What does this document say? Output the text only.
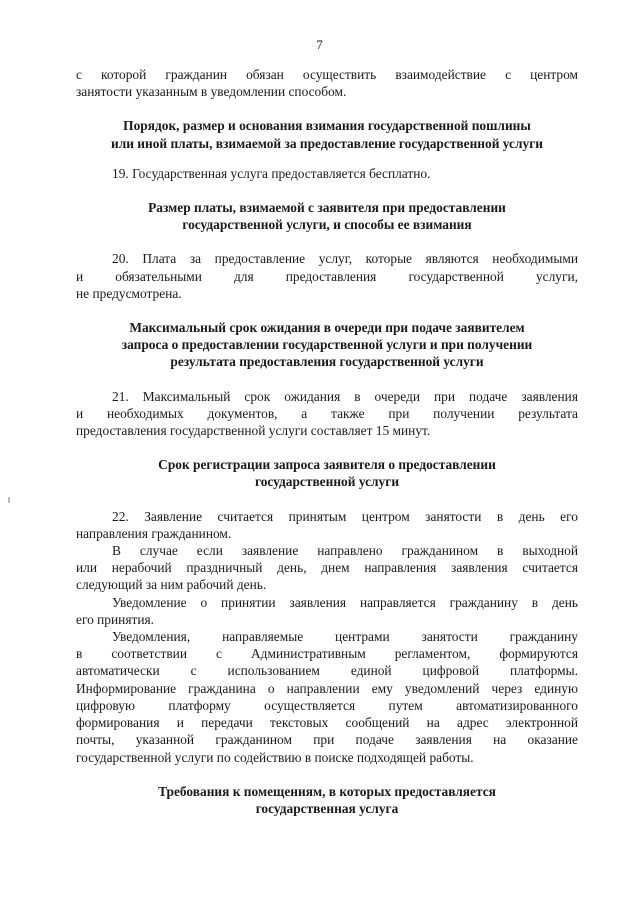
7

с которой гражданин обязан осуществить взаимодействие с центром
занятости указанным в уведомлении способом.

Порядок, размер и основания взимания государственной пошлины
или иной платы, взимаемой за предоставление государственной услуги

19. Государственная услуга предоставляется бесплатно.

Размер платы, взимаемой с заявителя при предоставлении
государственной услуги, и способы ее взимания

20. Плата за предоставление услуг, которые являются необходимыми
и обязательными для предоставления государственной услуги,
не предусмотрена.

Максимальный срок ожидания в очереди при подаче заявителем
запроса о предоставлении государственной услуги и при получении
результата предоставления государственной услуги

21. Максимальный срок ожидания в очереди при подаче заявления
и необходимых документов, а также при получении результата
предоставления государственной услуги составляет 15 минут.

Срок регистрации запроса заявителя о предоставлении
государственной услуги

22. Заявление считается принятым центром занятости в день его
направления гражданином.

В случае если заявление направлено гражданином в выходной
или нерабочий праздничный день, днем направления заявления считается
следующий за ним рабочий день.

Уведомление о принятии заявления направляется гражданину в день
его принятия.

Уведомления, направляемые центрами занятости гражданину
в соответствии с Административным регламентом, формируются
автоматически с использованием единой цифровой платформы.
Информирование гражданина о направлении ему уведомлений через единую
цифровую платформу осуществляется путем автоматизированного
формирования и передачи текстовых сообщений на адрес электронной
почты, указанной гражданином при подаче заявления на оказание
государственной услуги по содействию в поиске подходящей работы.

Требования к помещениям, в которых предоставляется
государственная услуга
